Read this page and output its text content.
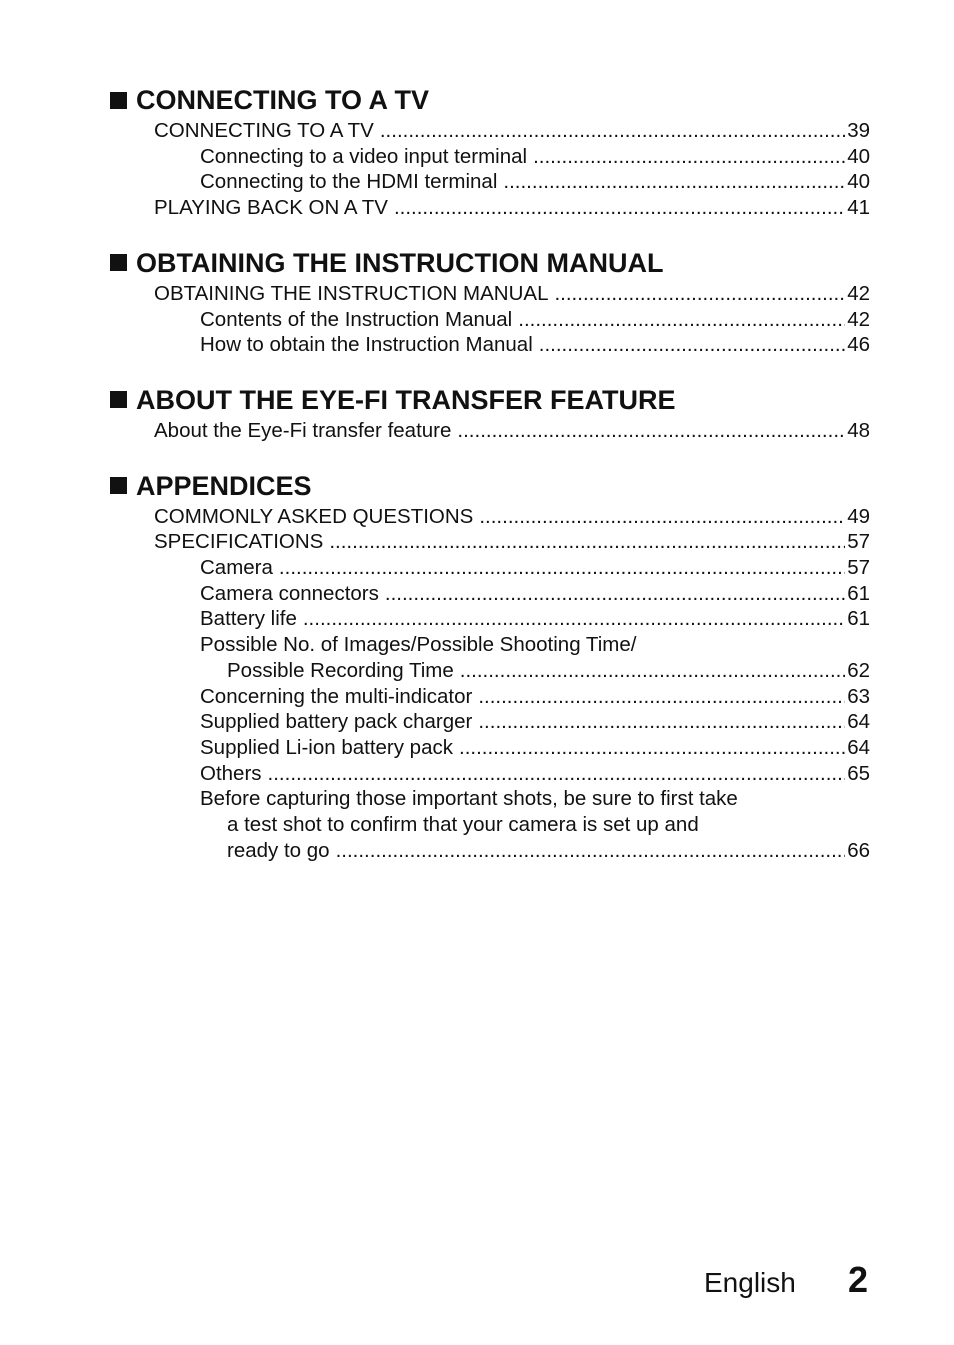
CONNECTING TO A TV
CONNECTING TO A TV .....	39
Connecting to a video input terminal .....	40
Connecting to the HDMI terminal .....	40
PLAYING BACK ON A TV .....	41
OBTAINING THE INSTRUCTION MANUAL
OBTAINING THE INSTRUCTION MANUAL .....	42
Contents of the Instruction Manual .....	42
How to obtain the Instruction Manual .....	46
ABOUT THE EYE-FI TRANSFER FEATURE
About the Eye-Fi transfer feature .....	48
APPENDICES
COMMONLY ASKED QUESTIONS .....	49
SPECIFICATIONS .....	57
Camera .....	57
Camera connectors .....	61
Battery life .....	61
Possible No. of Images/Possible Shooting Time/
Possible Recording Time .....	62
Concerning the multi-indicator .....	63
Supplied battery pack charger .....	64
Supplied Li-ion battery pack .....	64
Others .....	65
Before capturing those important shots, be sure to first take
a test shot to confirm that your camera is set up and
ready to go .....	66
English 2
